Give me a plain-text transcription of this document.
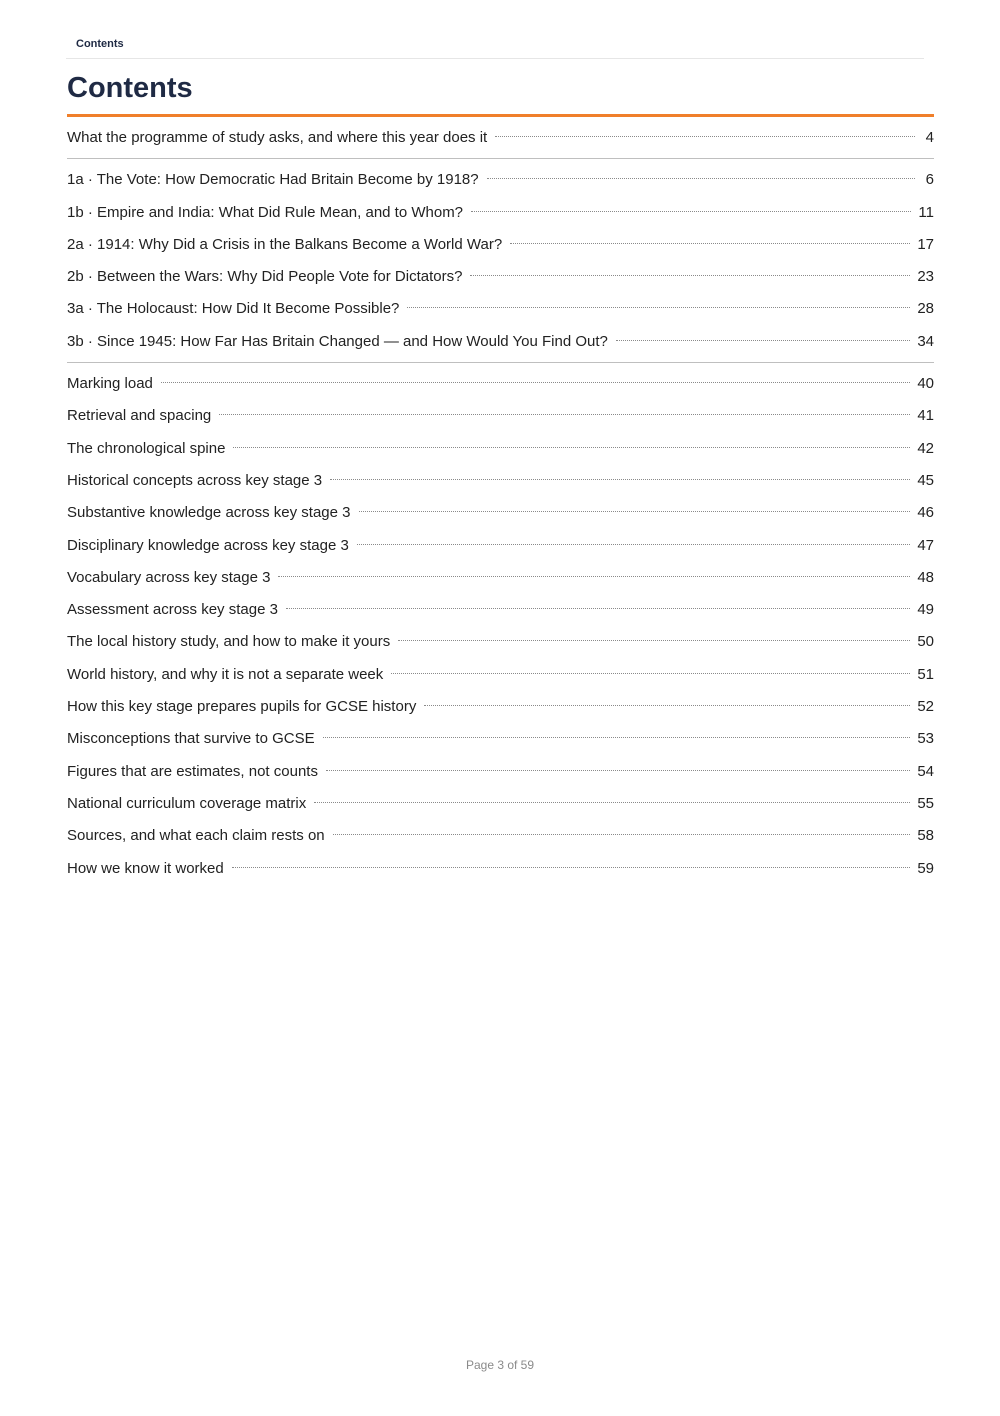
Contents
Contents
What the programme of study asks, and where this year does it	4
1a · The Vote: How Democratic Had Britain Become by 1918?	6
1b · Empire and India: What Did Rule Mean, and to Whom?	11
2a · 1914: Why Did a Crisis in the Balkans Become a World War?	17
2b · Between the Wars: Why Did People Vote for Dictators?	23
3a · The Holocaust: How Did It Become Possible?	28
3b · Since 1945: How Far Has Britain Changed — and How Would You Find Out?	34
Marking load	40
Retrieval and spacing	41
The chronological spine	42
Historical concepts across key stage 3	45
Substantive knowledge across key stage 3	46
Disciplinary knowledge across key stage 3	47
Vocabulary across key stage 3	48
Assessment across key stage 3	49
The local history study, and how to make it yours	50
World history, and why it is not a separate week	51
How this key stage prepares pupils for GCSE history	52
Misconceptions that survive to GCSE	53
Figures that are estimates, not counts	54
National curriculum coverage matrix	55
Sources, and what each claim rests on	58
How we know it worked	59
Page 3 of 59
